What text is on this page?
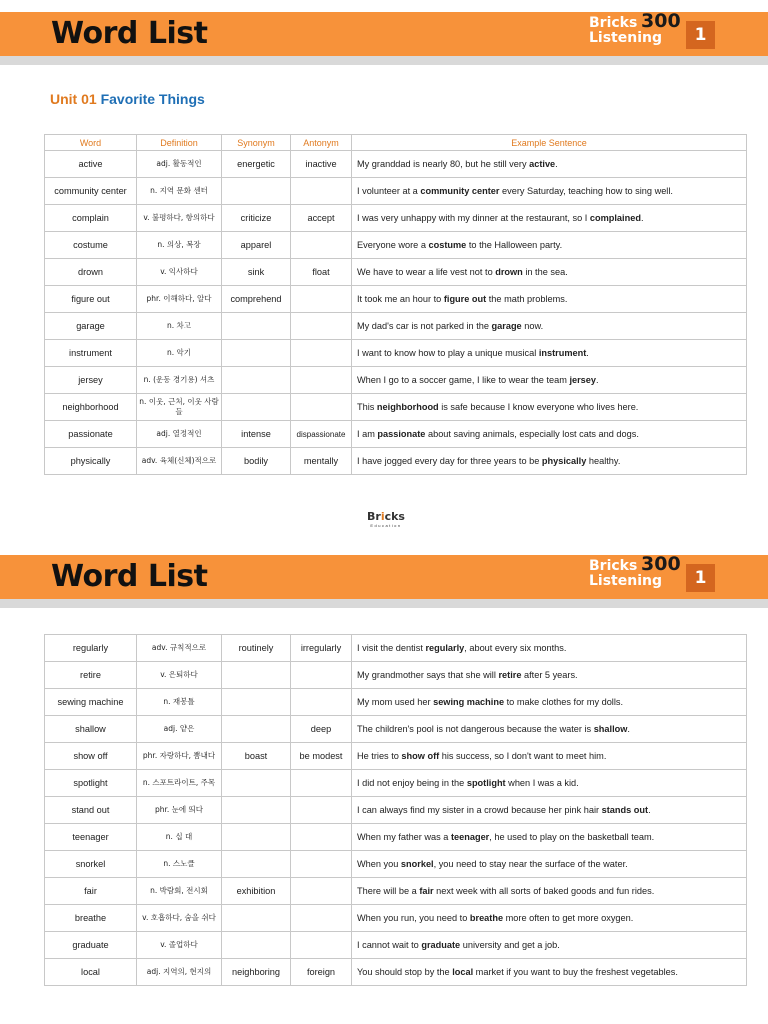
Word List	Bricks 300
Listening	1
Unit 01 Favorite Things
Word	Definition	Synonym	Antonym	Example Sentence
active	adj. 활동적인	energetic	inactive	My granddad is nearly 80, but he still very active.
community center	n. 지역 문화 센터			I volunteer at a community center every Saturday, teaching how to sing well.
complain	v. 불평하다, 항의하다	criticize	accept	I was very unhappy with my dinner at the restaurant, so I complained.
costume	n. 의상, 복장	apparel		Everyone wore a costume to the Halloween party.
drown	v. 익사하다	sink	float	We have to wear a life vest not to drown in the sea.
figure out	phr. 이해하다, 알다	comprehend		It took me an hour to figure out the math problems.
garage	n. 차고			My dad's car is not parked in the garage now.
instrument	n. 악기			I want to know how to play a unique musical instrument.
jersey	n. (운동 경기용) 셔츠			When I go to a soccer game, I like to wear the team jersey.
neighborhood	n. 이웃, 근처, 이웃 사람들			This neighborhood is safe because I know everyone who lives here.
passionate	adj. 열정적인	intense	dispassionate	I am passionate about saving animals, especially lost cats and dogs.
physically	adv. 육체(신체)적으로	bodily	mentally	I have jogged every day for three years to be physically healthy.
Bricks
Education
Word List	Bricks 300
Listening	1
regularly	adv. 규칙적으로	routinely	irregularly	I visit the dentist regularly, about every six months.
retire	v. 은퇴하다			My grandmother says that she will retire after 5 years.
sewing machine	n. 재봉틀			My mom used her sewing machine to make clothes for my dolls.
shallow	adj. 얕은		deep	The children's pool is not dangerous because the water is shallow.
show off	phr. 자랑하다, 뽐내다	boast	be modest	He tries to show off his success, so I don't want to meet him.
spotlight	n. 스포트라이트, 주목			I did not enjoy being in the spotlight when I was a kid.
stand out	phr. 눈에 띄다			I can always find my sister in a crowd because her pink hair stands out.
teenager	n. 십 대			When my father was a teenager, he used to play on the basketball team.
snorkel	n. 스노클			When you snorkel, you need to stay near the surface of the water.
fair	n. 박람회, 전시회	exhibition		There will be a fair next week with all sorts of baked goods and fun rides.
breathe	v. 호흡하다, 숨을 쉬다			When you run, you need to breathe more often to get more oxygen.
graduate	v. 졸업하다			I cannot wait to graduate university and get a job.
local	adj. 지역의, 현지의	neighboring	foreign	You should stop by the local market if you want to buy the freshest vegetables.
